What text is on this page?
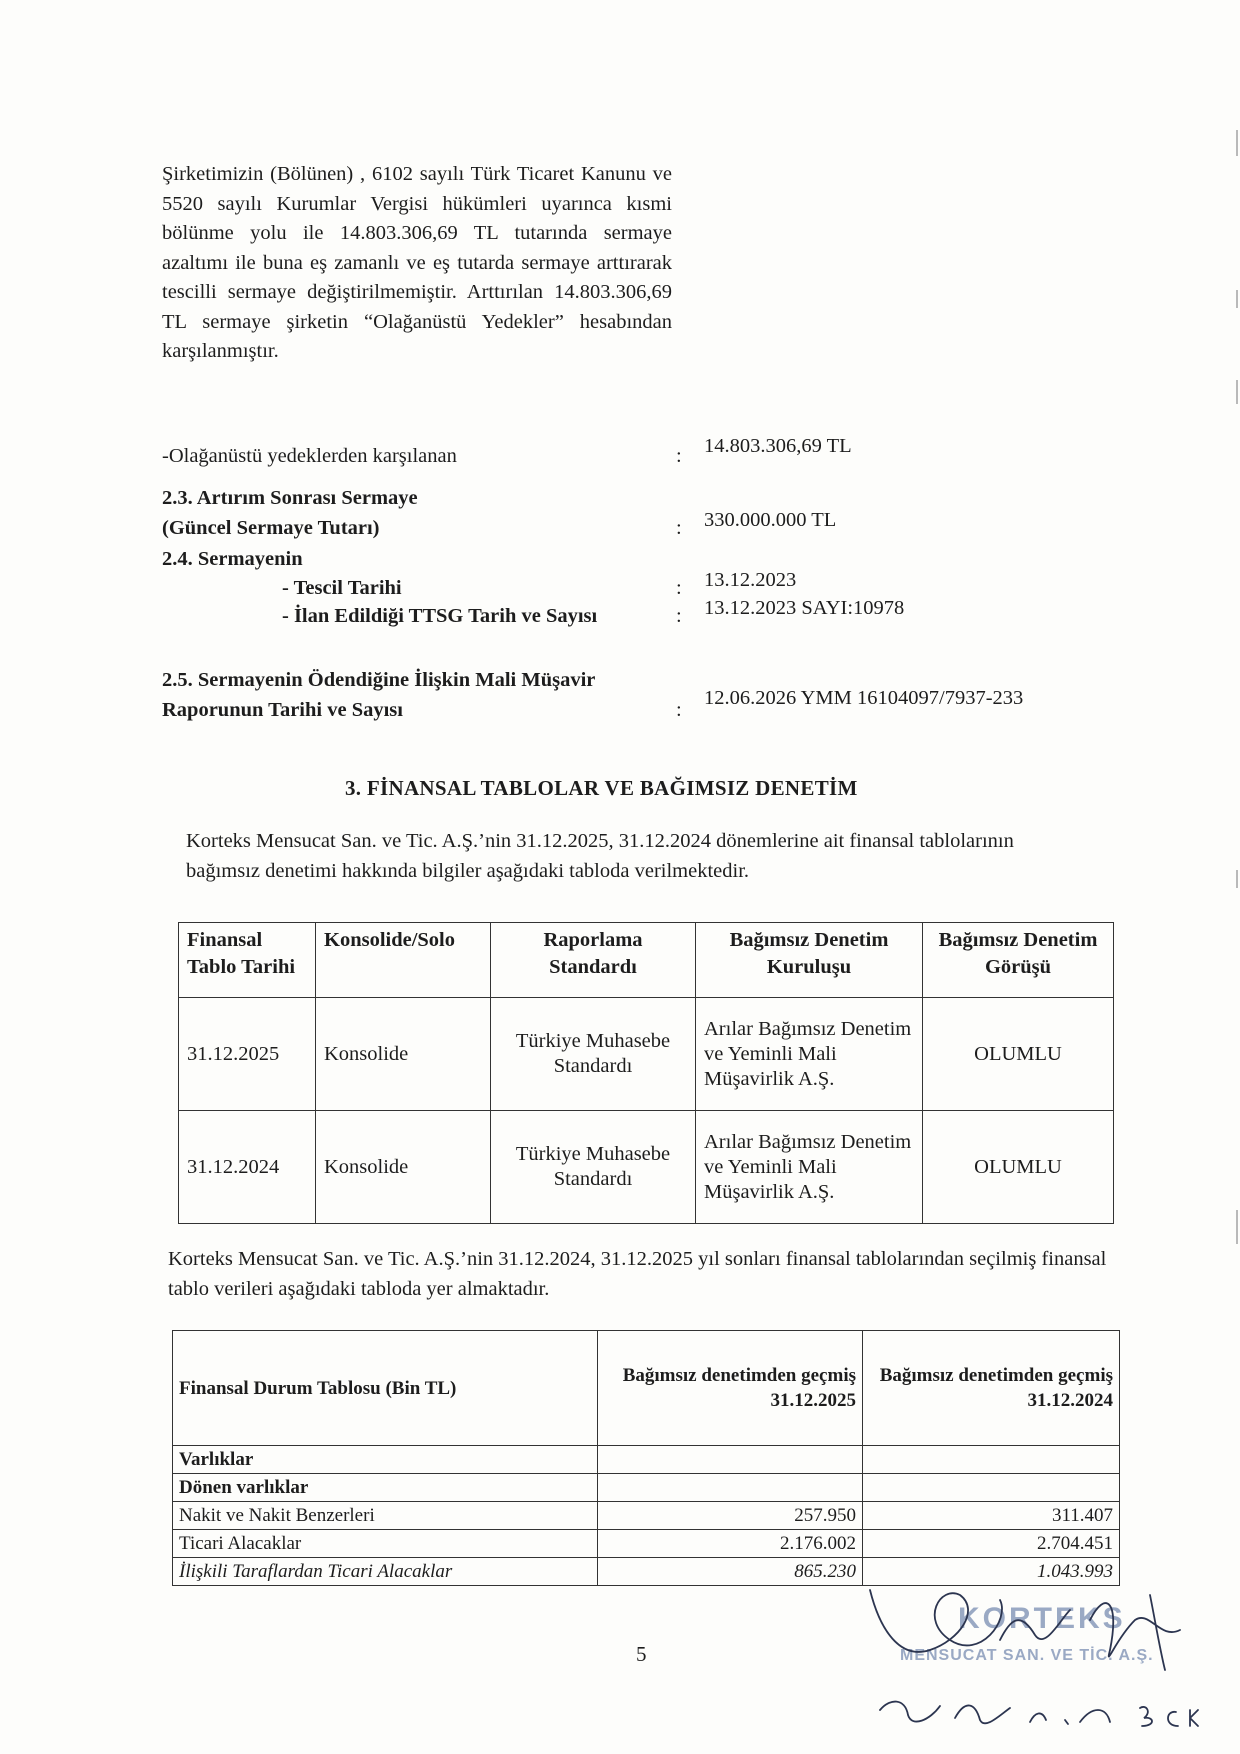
Şirketimizin (Bölünen) , 6102 sayılı Türk Ticaret Kanunu ve 5520 sayılı Kurumlar Vergisi hükümleri uyarınca kısmi bölünme yolu ile 14.803.306,69 TL tutarında sermaye azaltımı ile buna eş zamanlı ve eş tutarda sermaye arttırarak tescilli sermaye değiştirilmemiştir. Arttırılan 14.803.306,69 TL sermaye şirketin “Olağanüstü Yedekler” hesabından karşılanmıştır.

-Olağanüstü yedeklerden karşılanan	: 14.803.306,69 TL
2.3. Artırım Sonrası Sermaye
(Güncel Sermaye Tutarı)	: 330.000.000 TL
2.4. Sermayenin
- Tescil Tarihi	: 13.12.2023
- İlan Edildiği TTSG Tarih ve Sayısı	: 13.12.2023 SAYI:10978
2.5. Sermayenin Ödendiğine İlişkin Mali Müşavir
Raporunun Tarihi ve Sayısı	:
12.06.2026 YMM 16104097/7937-233
3. FİNANSAL TABLOLAR VE BAĞIMSIZ DENETİM

Korteks Mensucat San. ve Tic. A.Ş.’nin 31.12.2025, 31.12.2024 dönemlerine ait finansal tablolarının bağımsız denetimi hakkında bilgiler aşağıdaki tabloda verilmektedir.

Finansal Tablo Tarihi	Konsolide/Solo	Raporlama Standardı	Bağımsız Denetim Kuruluşu	Bağımsız Denetim Görüşü
31.12.2025	Konsolide	Türkiye Muhasebe Standardı	Arılar Bağımsız Denetim ve Yeminli Mali Müşavirlik A.Ş.	OLUMLU
31.12.2024	Konsolide	Türkiye Muhasebe Standardı	Arılar Bağımsız Denetim ve Yeminli Mali Müşavirlik A.Ş.	OLUMLU

Korteks Mensucat San. ve Tic. A.Ş.’nin 31.12.2024, 31.12.2025 yıl sonları finansal tablolarından seçilmiş finansal tablo verileri aşağıdaki tabloda yer almaktadır.

Finansal Durum Tablosu (Bin TL)	Bağımsız denetimden geçmiş 31.12.2025	Bağımsız denetimden geçmiş 31.12.2024
Varlıklar		
Dönen varlıklar		
Nakit ve Nakit Benzerleri	257.950	311.407
Ticari Alacaklar	2.176.002	2.704.451
İlişkili Taraflardan Ticari Alacaklar	865.230	1.043.993
5
KORTEKS
MENSUCAT SAN. VE TİC. A.Ş.
